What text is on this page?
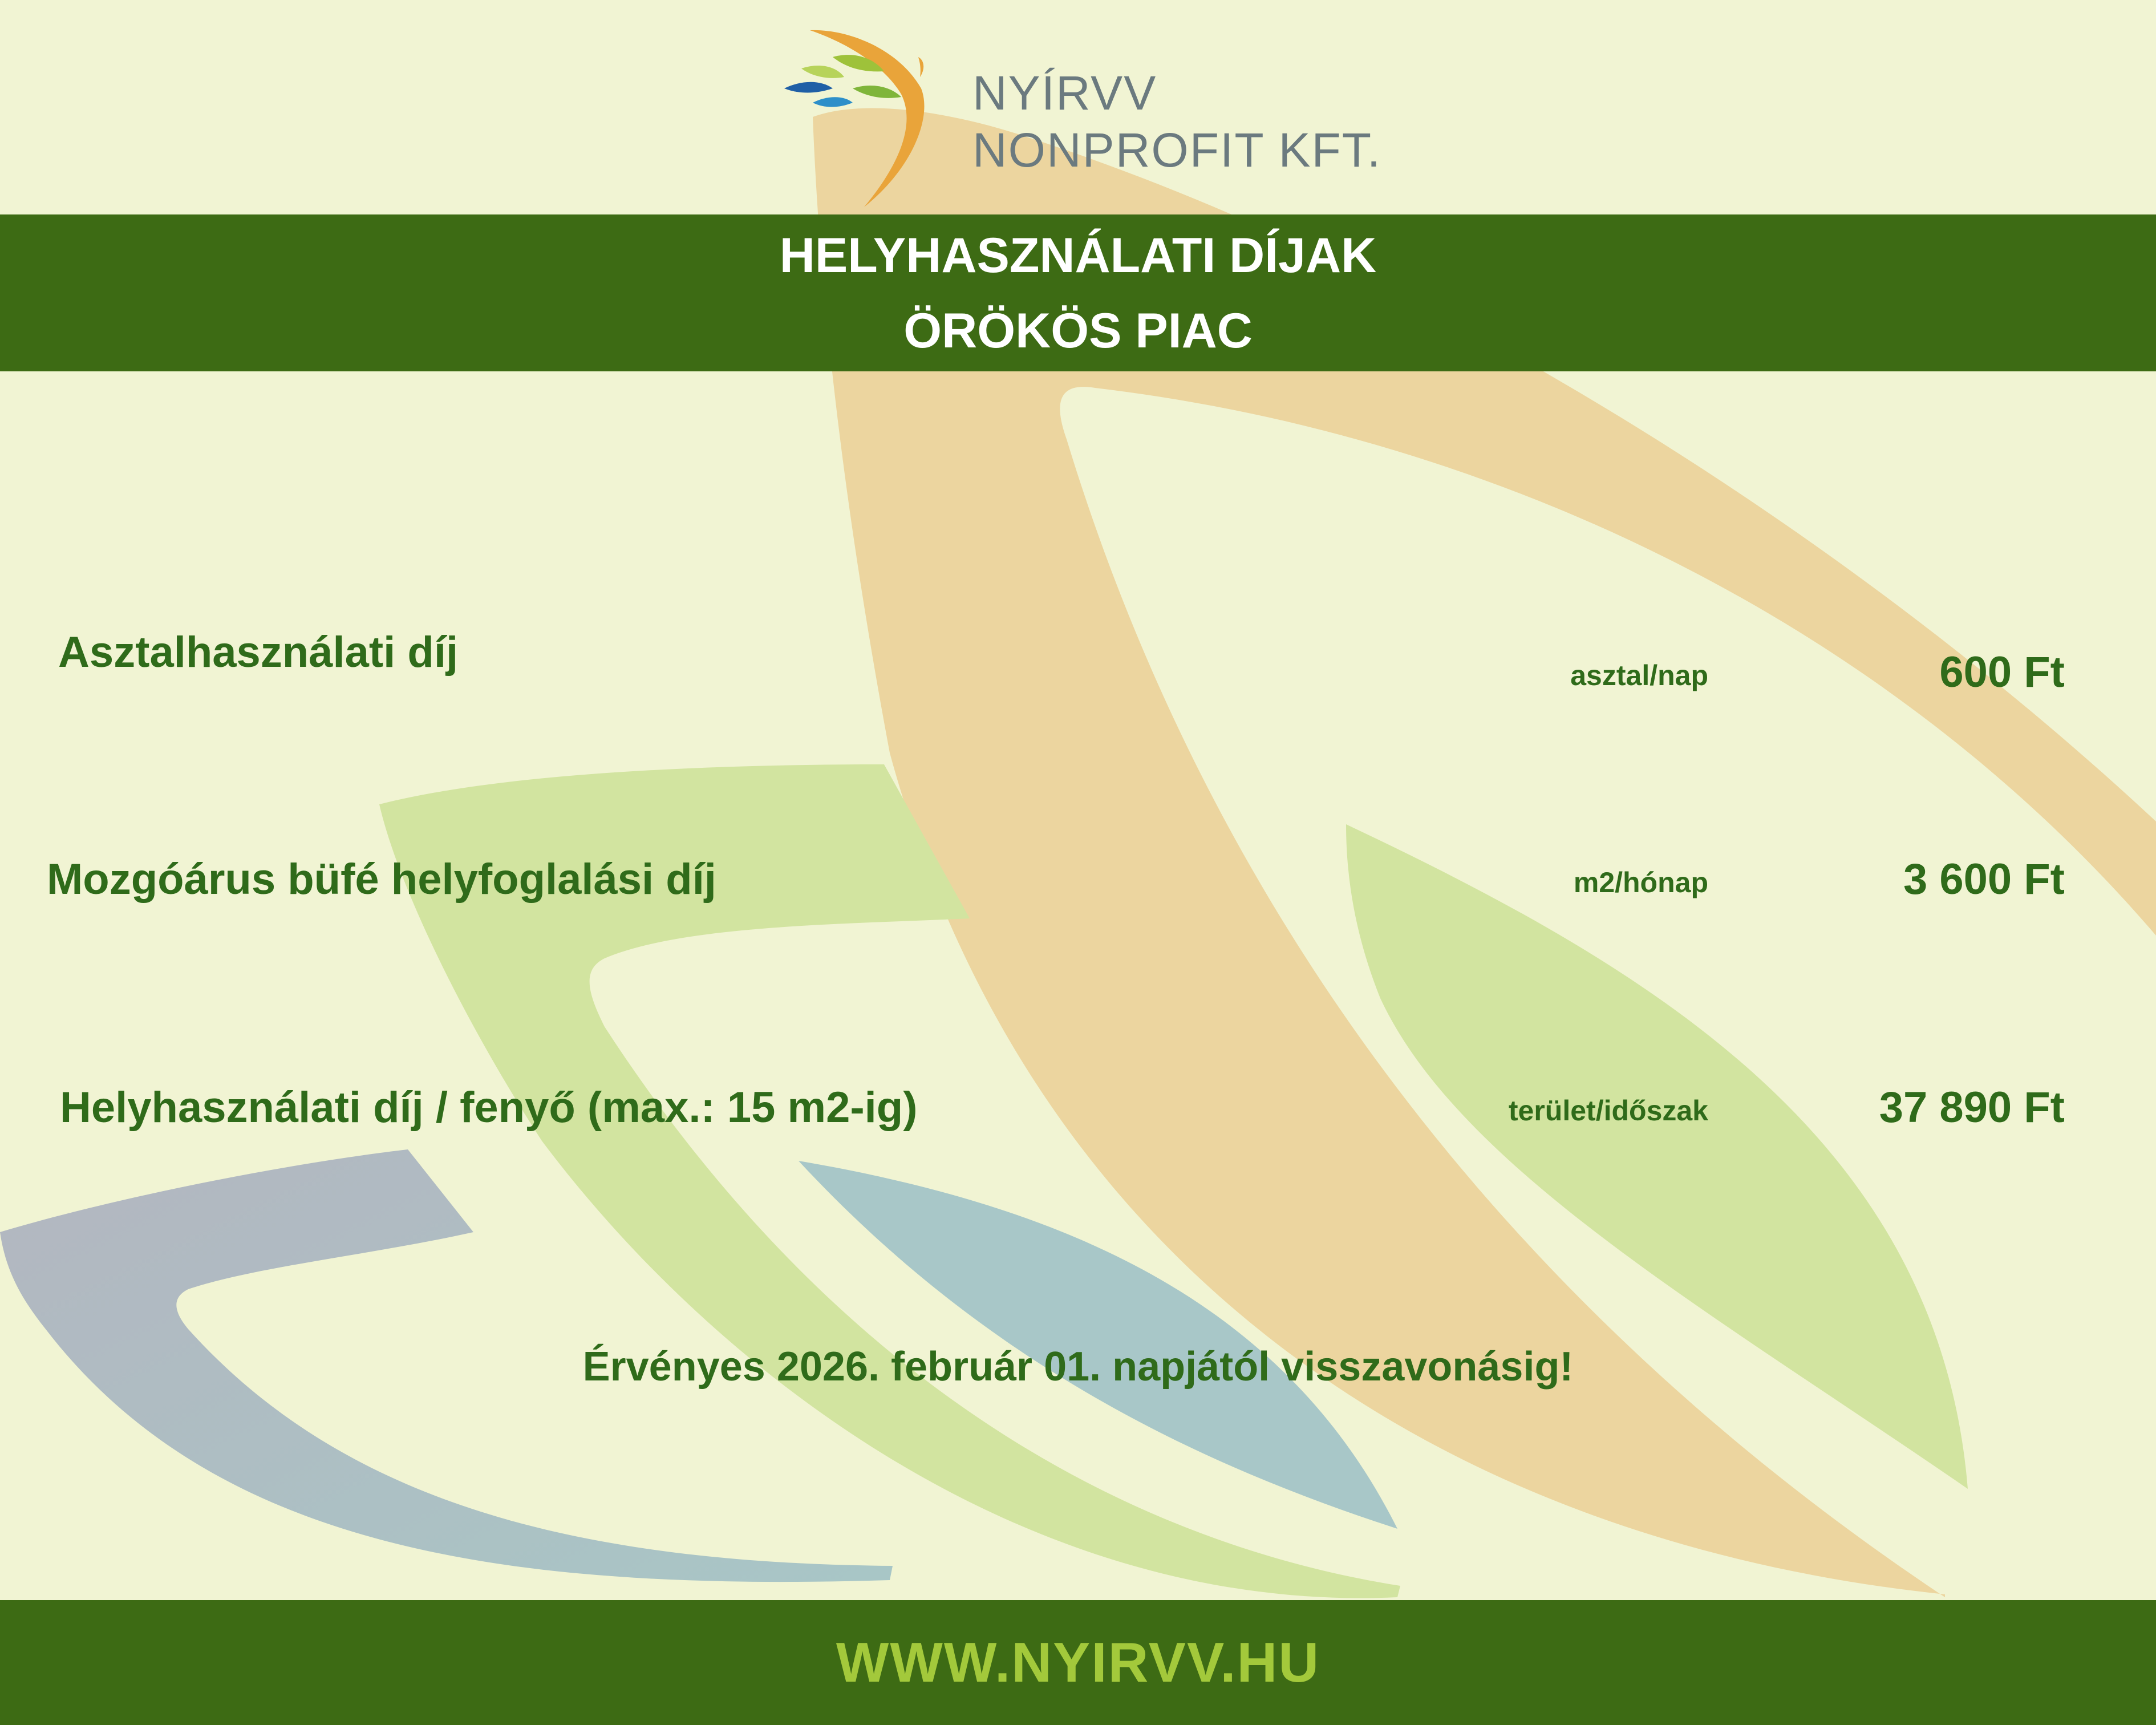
NYÍRVV
NONPROFIT KFT.
HELYHASZNÁLATI DÍJAK
ÖRÖKÖS PIAC
Asztalhasználati díj	asztal/nap	600 Ft
Mozgóárus büfé helyfoglalási díj	m2/hónap	3 600 Ft
Helyhasználati díj / fenyő (max.: 15 m2-ig)	terület/időszak	37 890 Ft
Érvényes 2026. február 01. napjától visszavonásig!
WWW.NYIRVV.HU
